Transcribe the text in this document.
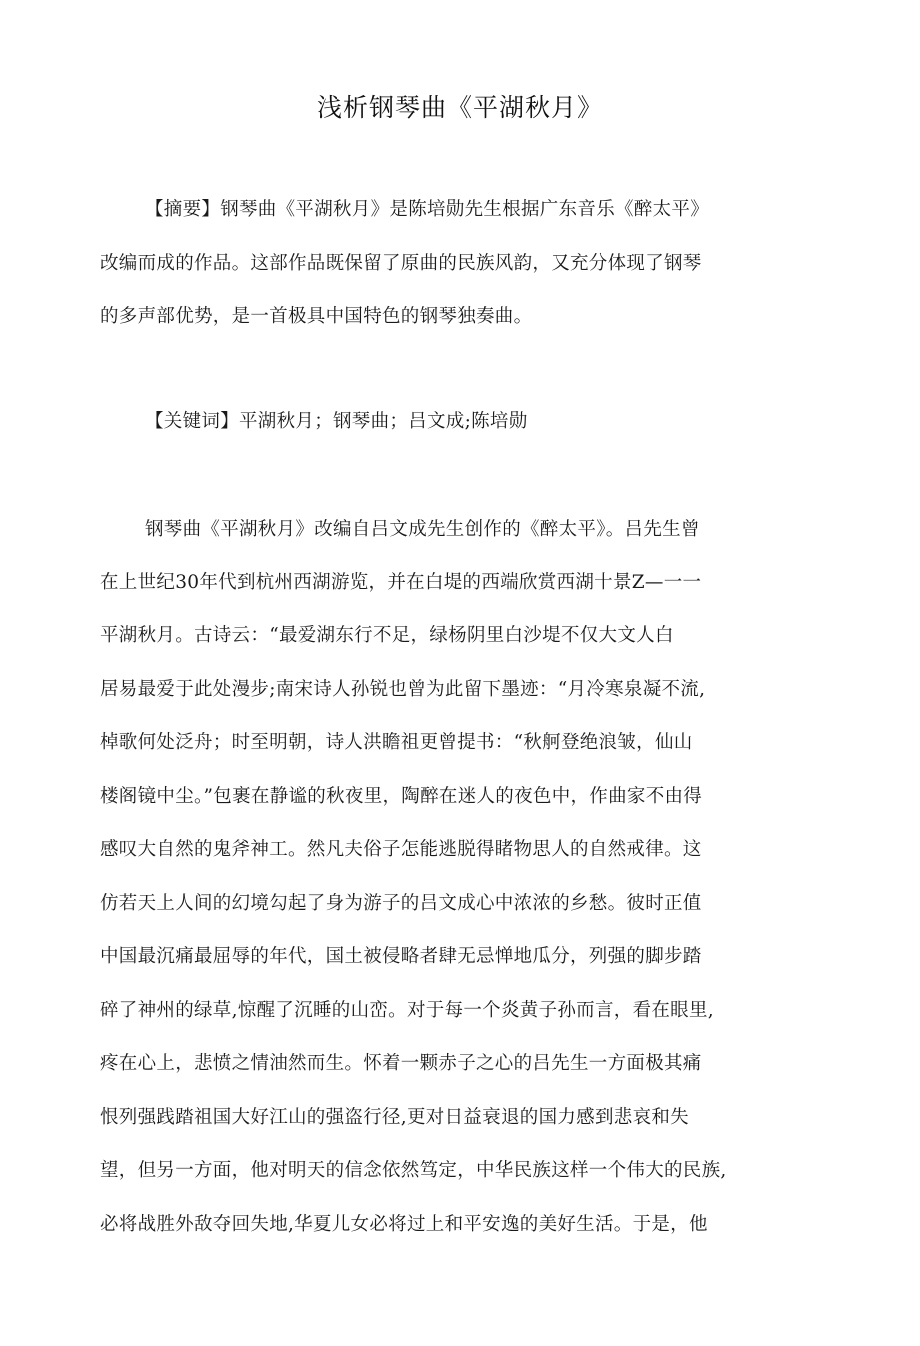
浅析钢琴曲《平湖秋月》
【摘要】钢琴曲《平湖秋月》是陈培勋先生根据广东音乐《醉太平》
改编而成的作品。这部作品既保留了原曲的民族风韵，又充分体现了钢琴
的多声部优势，是一首极具中国特色的钢琴独奏曲。
【关键词】平湖秋月；钢琴曲；吕文成;陈培勋
钢琴曲《平湖秋月》改编自吕文成先生创作的《醉太平》。吕先生曾
在上世纪30年代到杭州西湖游览，并在白堤的西端欣赏西湖十景Z—一一
平湖秋月。古诗云：“最爱湖东行不足，绿杨阴里白沙堤不仅大文人白
居易最爱于此处漫步;南宋诗人孙锐也曾为此留下墨迹：“月冷寒泉凝不流,
棹歌何处泛舟；时至明朝，诗人洪瞻祖更曾提书：“秋舸登绝浪皱，仙山
楼阁镜中尘。”包裹在静谧的秋夜里，陶醉在迷人的夜色中，作曲家不由得
感叹大自然的鬼斧神工。然凡夫俗子怎能逃脱得睹物思人的自然戒律。这
仿若天上人间的幻境勾起了身为游子的吕文成心中浓浓的乡愁。彼时正值
中国最沉痛最屈辱的年代，国土被侵略者肆无忌惮地瓜分，列强的脚步踏
碎了神州的绿草,惊醒了沉睡的山峦。对于每一个炎黄子孙而言，看在眼里,
疼在心上，悲愤之情油然而生。怀着一颗赤子之心的吕先生一方面极其痛
恨列强践踏祖国大好江山的强盗行径,更对日益衰退的国力感到悲哀和失
望，但另一方面，他对明天的信念依然笃定，中华民族这样一个伟大的民族,
必将战胜外敌夺回失地,华夏儿女必将过上和平安逸的美好生活。于是，他
